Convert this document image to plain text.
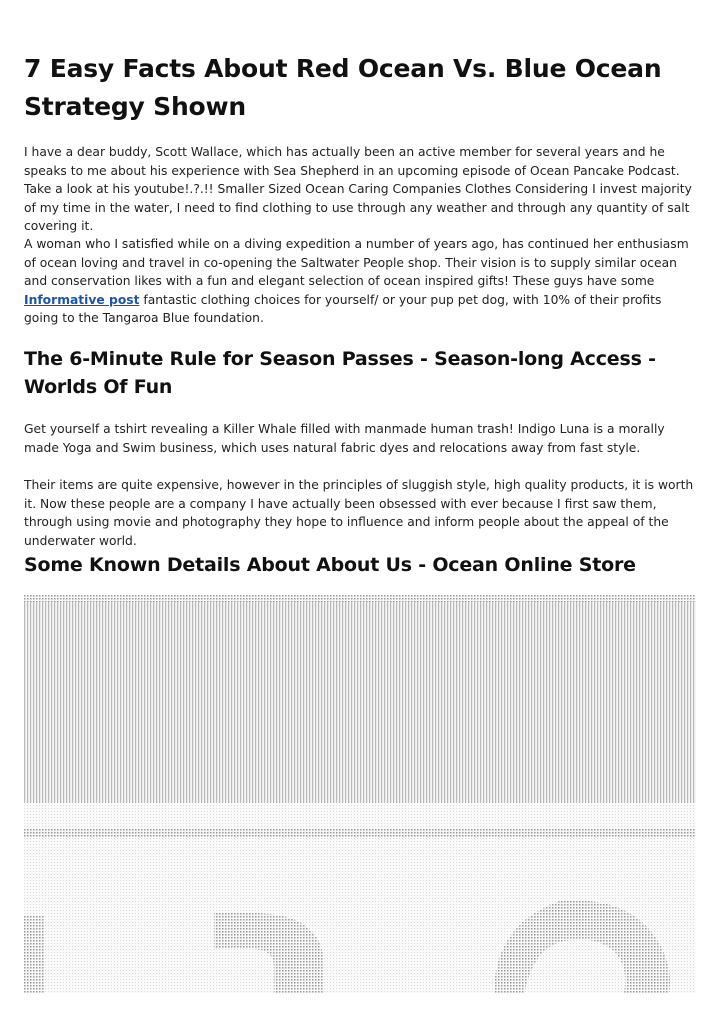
7 Easy Facts About Red Ocean Vs. Blue Ocean Strategy Shown

I have a dear buddy, Scott Wallace, which has actually been an active member for several years and he speaks to me about his experience with Sea Shepherd in an upcoming episode of Ocean Pancake Podcast. Take a look at his youtube!.?.!! Smaller Sized Ocean Caring Companies Clothes Considering I invest majority of my time in the water, I need to find clothing to use through any weather and through any quantity of salt covering it.

A woman who I satisfied while on a diving expedition a number of years ago, has continued her enthusiasm of ocean loving and travel in co-opening the Saltwater People shop. Their vision is to supply similar ocean and conservation likes with a fun and elegant selection of ocean inspired gifts! These guys have some Informative post fantastic clothing choices for yourself/ or your pup pet dog, with 10% of their profits going to the Tangaroa Blue foundation.

The 6-Minute Rule for Season Passes - Season-long Access - Worlds Of Fun

Get yourself a tshirt revealing a Killer Whale filled with manmade human trash! Indigo Luna is a morally made Yoga and Swim business, which uses natural fabric dyes and relocations away from fast style.

Their items are quite expensive, however in the principles of sluggish style, high quality products, it is worth it. Now these people are a company I have actually been obsessed with ever because I first saw them, through using movie and photography they hope to influence and inform people about the appeal of the underwater world.

Some Known Details About About Us - Ocean Online Store
